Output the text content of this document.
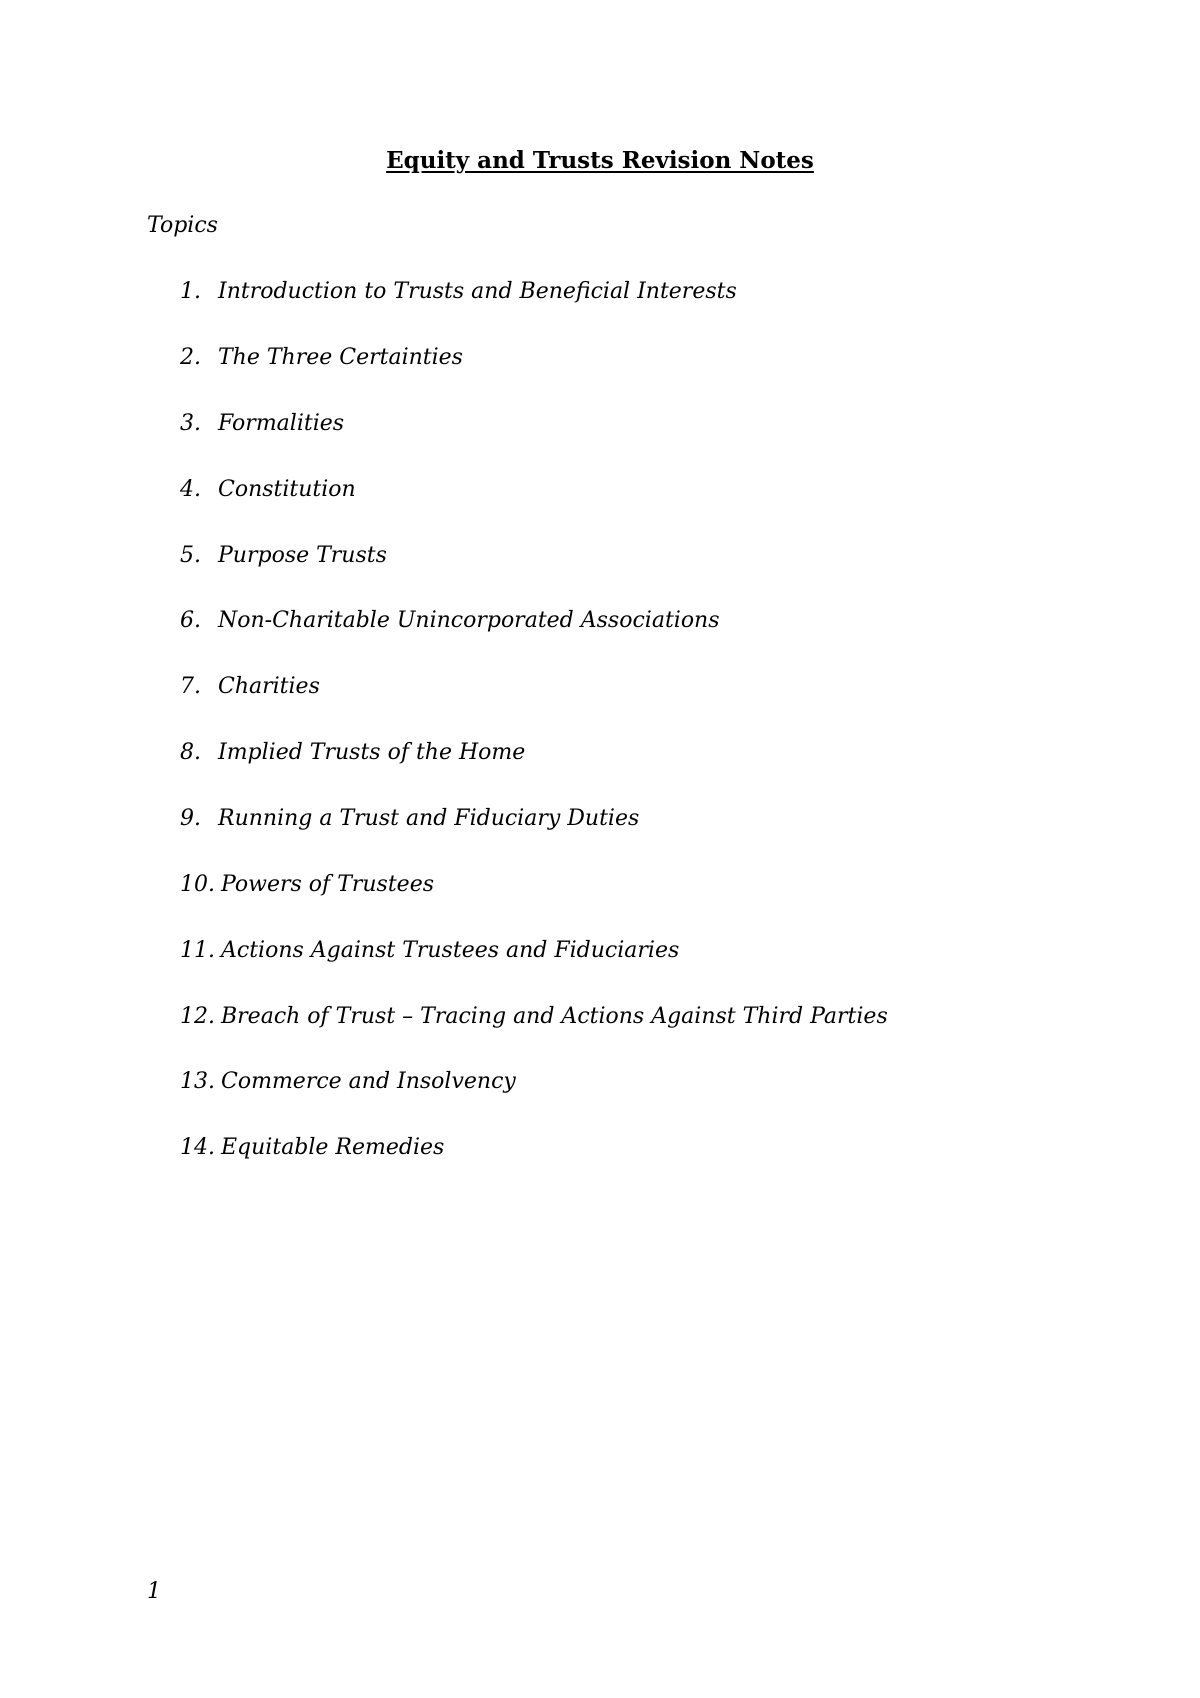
Equity and Trusts Revision Notes
Topics
1. Introduction to Trusts and Beneficial Interests
2. The Three Certainties
3. Formalities
4. Constitution
5. Purpose Trusts
6. Non-Charitable Unincorporated Associations
7. Charities
8. Implied Trusts of the Home
9. Running a Trust and Fiduciary Duties
10. Powers of Trustees
11. Actions Against Trustees and Fiduciaries
12. Breach of Trust – Tracing and Actions Against Third Parties
13. Commerce and Insolvency
14. Equitable Remedies
1
